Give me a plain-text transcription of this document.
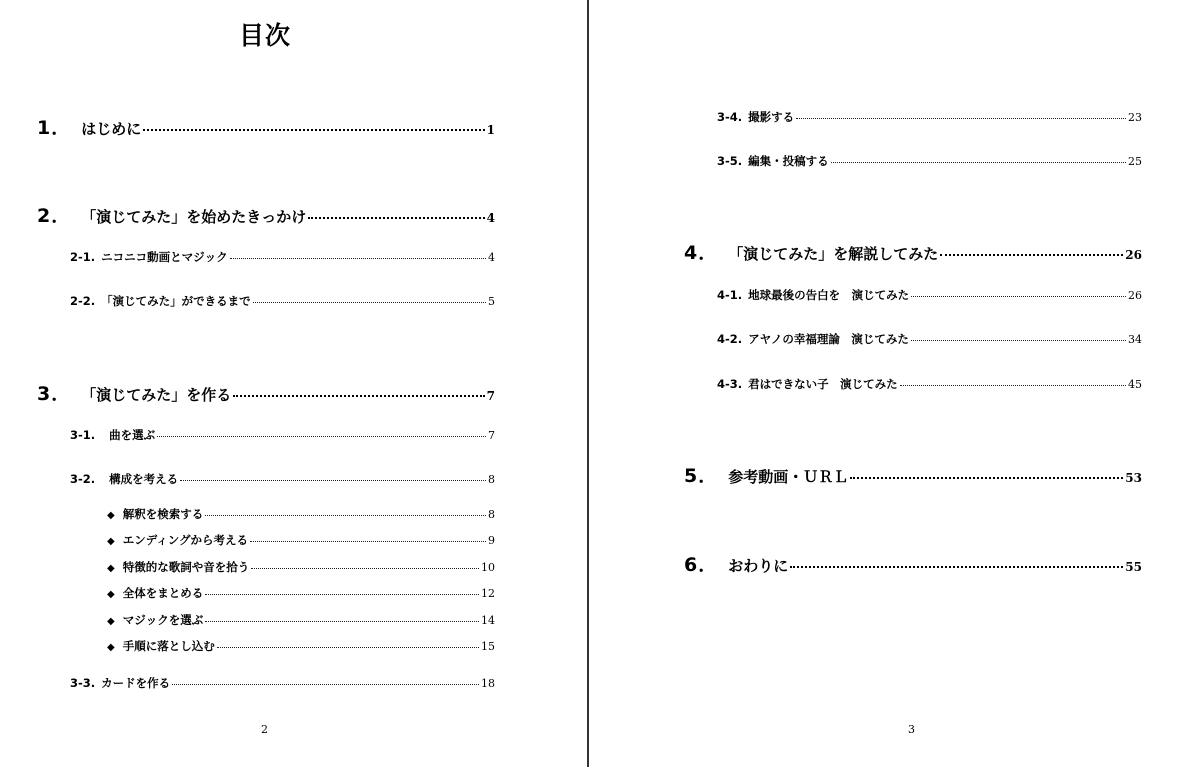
目次
1． はじめに	1
2． 「演じてみた」を始めたきっかけ	4
2-1. ニコニコ動画とマジック	4
2-2. 「演じてみた」ができるまで	5
3． 「演じてみた」を作る	7
3-1. 曲を選ぶ	7
3-2. 構成を考える	8
◆ 解釈を検索する	8
◆ エンディングから考える	9
◆ 特徴的な歌詞や音を拾う	10
◆ 全体をまとめる	12
◆ マジックを選ぶ	14
◆ 手順に落とし込む	15
3-3. カードを作る	18
2
3-4. 撮影する	23
3-5. 編集・投稿する	25
4． 「演じてみた」を解説してみた	26
4-1. 地球最後の告白を　演じてみた	26
4-2. アヤノの幸福理論　演じてみた	34
4-3. 君はできない子　演じてみた	45
5． 参考動画・ＵＲＬ	53
6． おわりに	55
3
